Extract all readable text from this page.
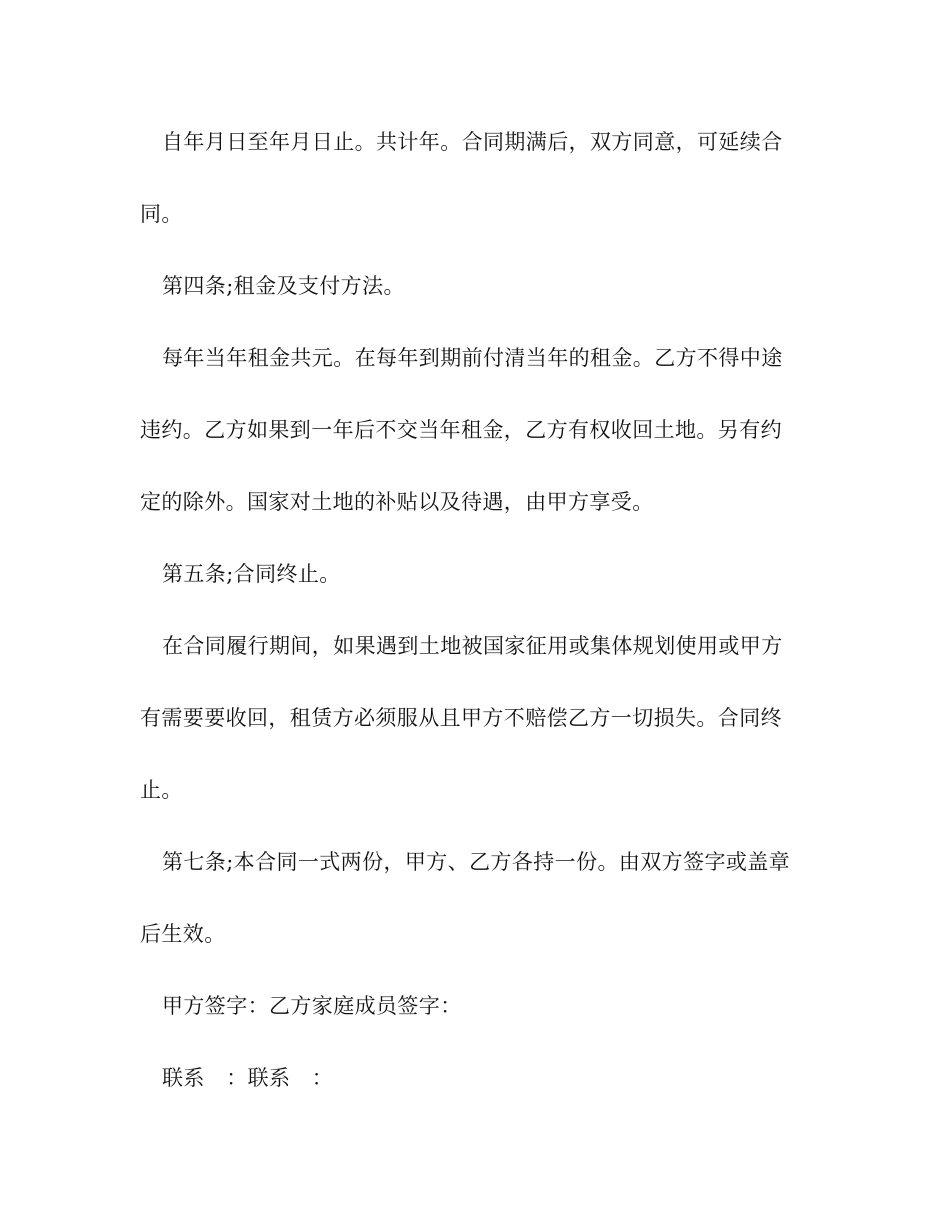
自年月日至年月日止。共计年。合同期满后，双方同意，可延续合
同。
第四条;租金及支付方法。
每年当年租金共元。在每年到期前付清当年的租金。乙方不得中途
违约。乙方如果到一年后不交当年租金，乙方有权收回土地。另有约
定的除外。国家对土地的补贴以及待遇，由甲方享受。
第五条;合同终止。
在合同履行期间，如果遇到土地被国家征用或集体规划使用或甲方
有需要要收回，租赁方必须服从且甲方不赔偿乙方一切损失。合同终
止。
第七条;本合同一式两份，甲方、乙方各持一份。由双方签字或盖章
后生效。
甲方签字：乙方家庭成员签字：
联系　：联系　：
